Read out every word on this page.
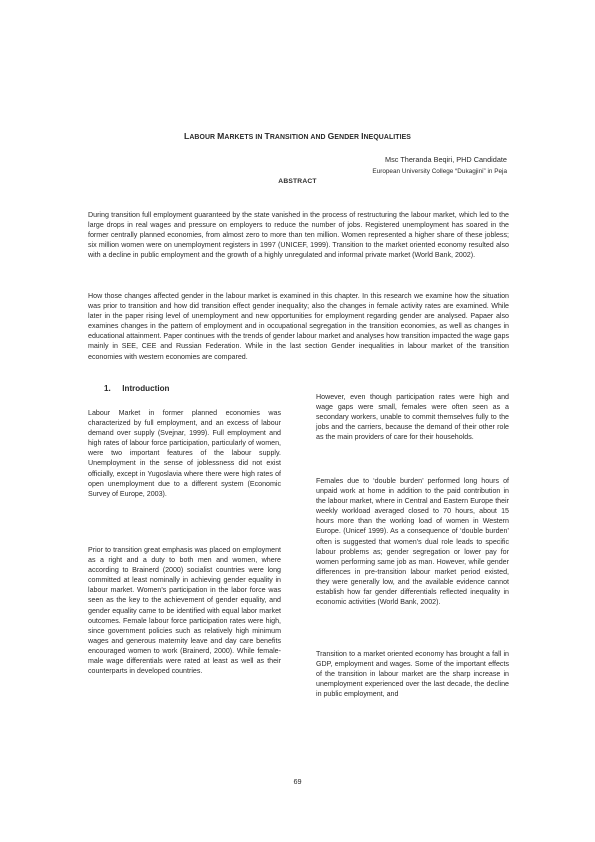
LABOUR MARKETS IN TRANSITION AND GENDER INEQUALITIES
Msc Theranda Beqiri, PHD Candidate
European University College “Dukagjini” in Peja
ABSTRACT

During transition full employment guaranteed by the state vanished in the process of restructuring the labour market, which led to the large drops in real wages and pressure on employers to reduce the number of jobs. Registered unemployment has soared in the former centrally planned economies, from almost zero to more than ten million. Women represented a higher share of these jobless; six million women were on unemployment registers in 1997 (UNICEF, 1999). Transition to the market oriented economy resulted also with a decline in public employment and the growth of a highly unregulated and informal private market (World Bank, 2002).

How those changes affected gender in the labour market is examined in this chapter. In this research we examine how the situation was prior to transition and how did transition effect gender inequality; also the changes in female activity rates are examined. While later in the paper rising level of unemployment and new opportunities for employment regarding gender are analysed. Papaer also examines changes in the pattern of employment and in occupational segregation in the transition economies, as well as changes in educational attainment. Paper continues with the trends of gender labour market and analyses how transition impacted the wage gaps mainly in SEE, CEE and Russian Federation. While in the last section Gender inequalities in labour market of the transition economies with western economies are compared.

1. Introduction

Labour Market in former planned economies was characterized by full employment, and an excess of labour demand over supply (Svejnar, 1999). Full employment and high rates of labour force participation, particularly of women, were two important features of the labour supply. Unemployment in the sense of joblessness did not exist officially, except in Yugoslavia where there were high rates of open unemployment due to a different system (Economic Survey of Europe, 2003).

Prior to transition great emphasis was placed on employment as a right and a duty to both men and women, where according to Brainerd (2000) socialist countries were long committed at least nominally in achieving gender equality in labour market. Women’s participation in the labor force was seen as the key to the achievement of gender equality, and gender equality came to be identified with equal labor market outcomes. Female labour force participation rates were high, since government policies such as relatively high minimum wages and generous maternity leave and day care benefits encouraged women to work (Brainerd, 2000). While female-male wage differentials were rated at least as well as their counterparts in developed countries.

However, even though participation rates were high and wage gaps were small, females were often seen as a secondary workers, unable to commit themselves fully to the jobs and the carriers, because the demand of their other role as the main providers of care for their households.

Females due to ‘double burden’ performed long hours of unpaid work at home in addition to the paid contribution in the labour market, where in Central and Eastern Europe their weekly workload averaged closed to 70 hours, about 15 hours more than the working load of women in Western Europe. (Unicef 1999). As a consequence of ‘double burden’ often is suggested that women’s dual role leads to specific labour problems as; gender segregation or lower pay for women performing same job as man. However, while gender differences in pre-transition labour market period existed, they were generally low, and the available evidence cannot establish how far gender differentials reflected inequality in economic activities (World Bank, 2002).

Transition to a market oriented economy has brought a fall in GDP, employment and wages. Some of the important effects of the transition in labour market are the sharp increase in unemployment experienced over the last decade, the decline in public employment, and

69
